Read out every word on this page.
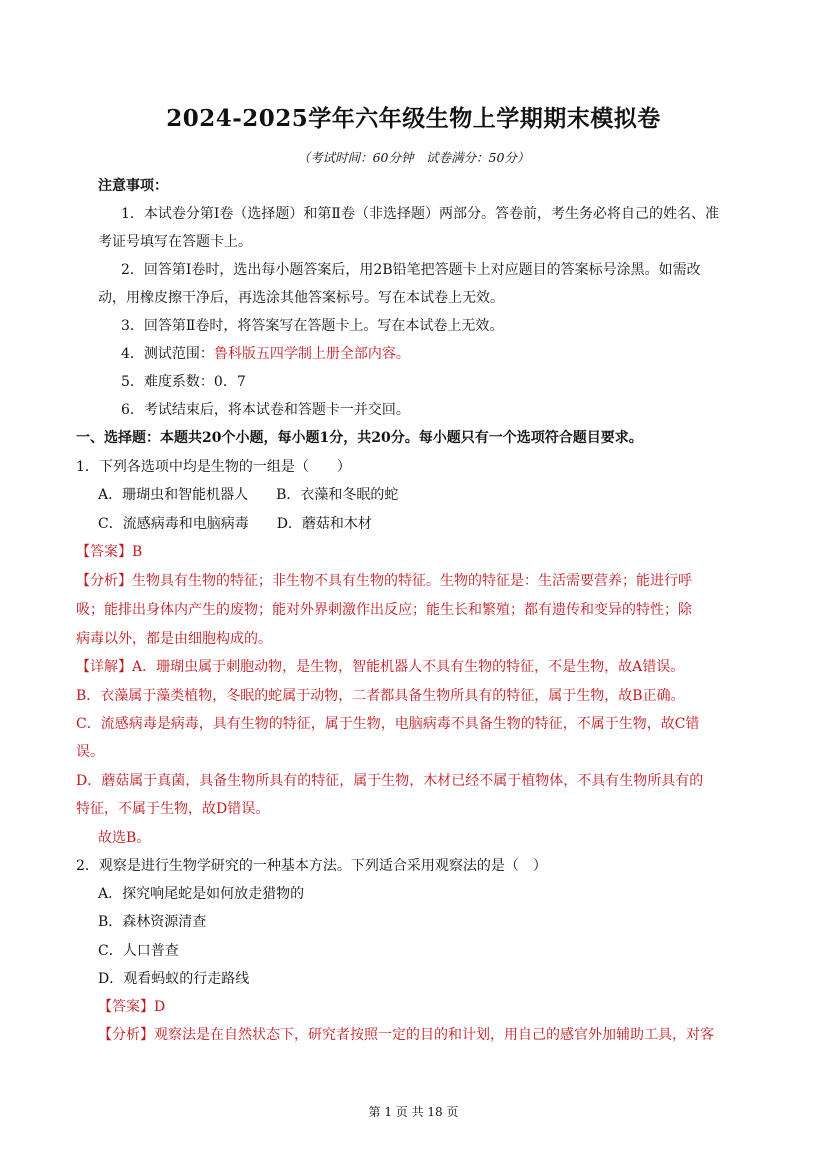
2024-2025学年六年级生物上学期期末模拟卷
（考试时间：60分钟　试卷满分：50分）
注意事项：
1．本试卷分第Ⅰ卷（选择题）和第Ⅱ卷（非选择题）两部分。答卷前，考生务必将自己的姓名、准
考证号填写在答题卡上。
2．回答第Ⅰ卷时，选出每小题答案后，用2B铅笔把答题卡上对应题目的答案标号涂黑。如需改
动，用橡皮擦干净后，再选涂其他答案标号。写在本试卷上无效。
3．回答第Ⅱ卷时，将答案写在答题卡上。写在本试卷上无效。
4．测试范围：鲁科版五四学制上册全部内容。
5．难度系数：0．7
6．考试结束后，将本试卷和答题卡一并交回。
一、选择题：本题共20个小题，每小题1分，共20分。每小题只有一个选项符合题目要求。
1．下列各选项中均是生物的一组是（　　）
A．珊瑚虫和智能机器人　　B．衣藻和冬眠的蛇
C．流感病毒和电脑病毒　　D．蘑菇和木材
【答案】B
【分析】生物具有生物的特征；非生物不具有生物的特征。生物的特征是：生活需要营养；能进行呼
吸；能排出身体内产生的废物；能对外界刺激作出反应；能生长和繁殖；都有遗传和变异的特性；除
病毒以外，都是由细胞构成的。
【详解】A．珊瑚虫属于刺胞动物，是生物，智能机器人不具有生物的特征，不是生物，故A错误。
B．衣藻属于藻类植物，冬眠的蛇属于动物，二者都具备生物所具有的特征，属于生物，故B正确。
C．流感病毒是病毒，具有生物的特征，属于生物，电脑病毒不具备生物的特征，不属于生物，故C错
误。
D．蘑菇属于真菌，具备生物所具有的特征，属于生物，木材已经不属于植物体，不具有生物所具有的
特征，不属于生物，故D错误。
故选B。
2．观察是进行生物学研究的一种基本方法。下列适合采用观察法的是（　）
A．探究响尾蛇是如何放走猎物的
B．森林资源清查
C．人口普查
D．观看蚂蚁的行走路线
【答案】D
【分析】观察法是在自然状态下，研究者按照一定的目的和计划，用自己的感官外加辅助工具，对客
第 1 页 共 18 页
